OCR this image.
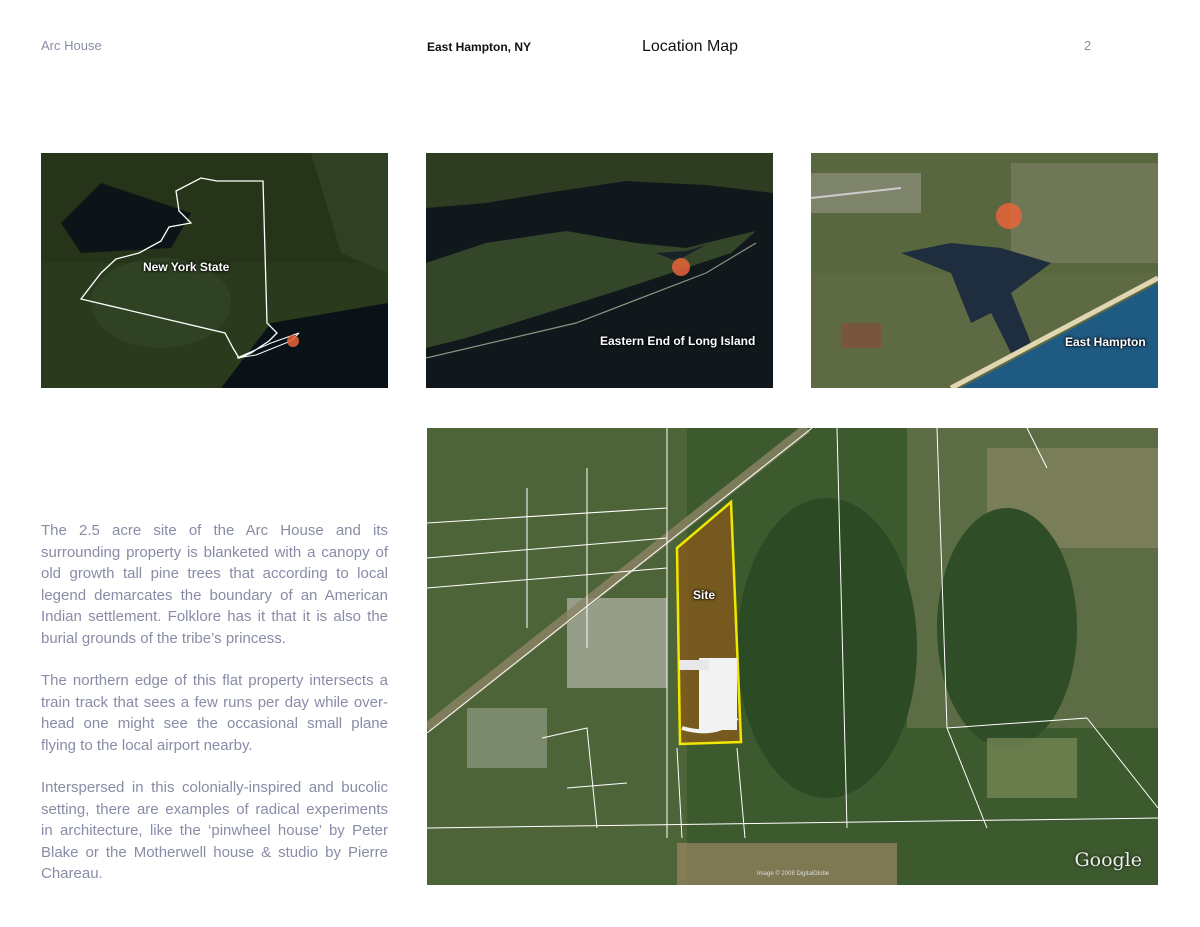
Arc House	East Hampton, NY	Location Map	2
New York State
Eastern End of Long Island	East Hampton

The 2.5 acre site of the Arc House and its surrounding property is blanketed with a canopy of old growth tall pine trees that according to local legend demarcates the boundary of an American Indian settlement. Folklore has it that it is also the burial grounds of the tribe’s princess.

The northern edge of this flat property intersects a train track that sees a few runs per day while over-head one might see the occasional small plane flying to the local airport nearby.

Interspersed in this colonially-inspired and bucolic setting, there are examples of radical experiments in architecture, like the ‘pinwheel house’ by Peter Blake or the Motherwell house & studio by Pierre Chareau.

Site
Google
Image © 2008 DigitalGlobe
